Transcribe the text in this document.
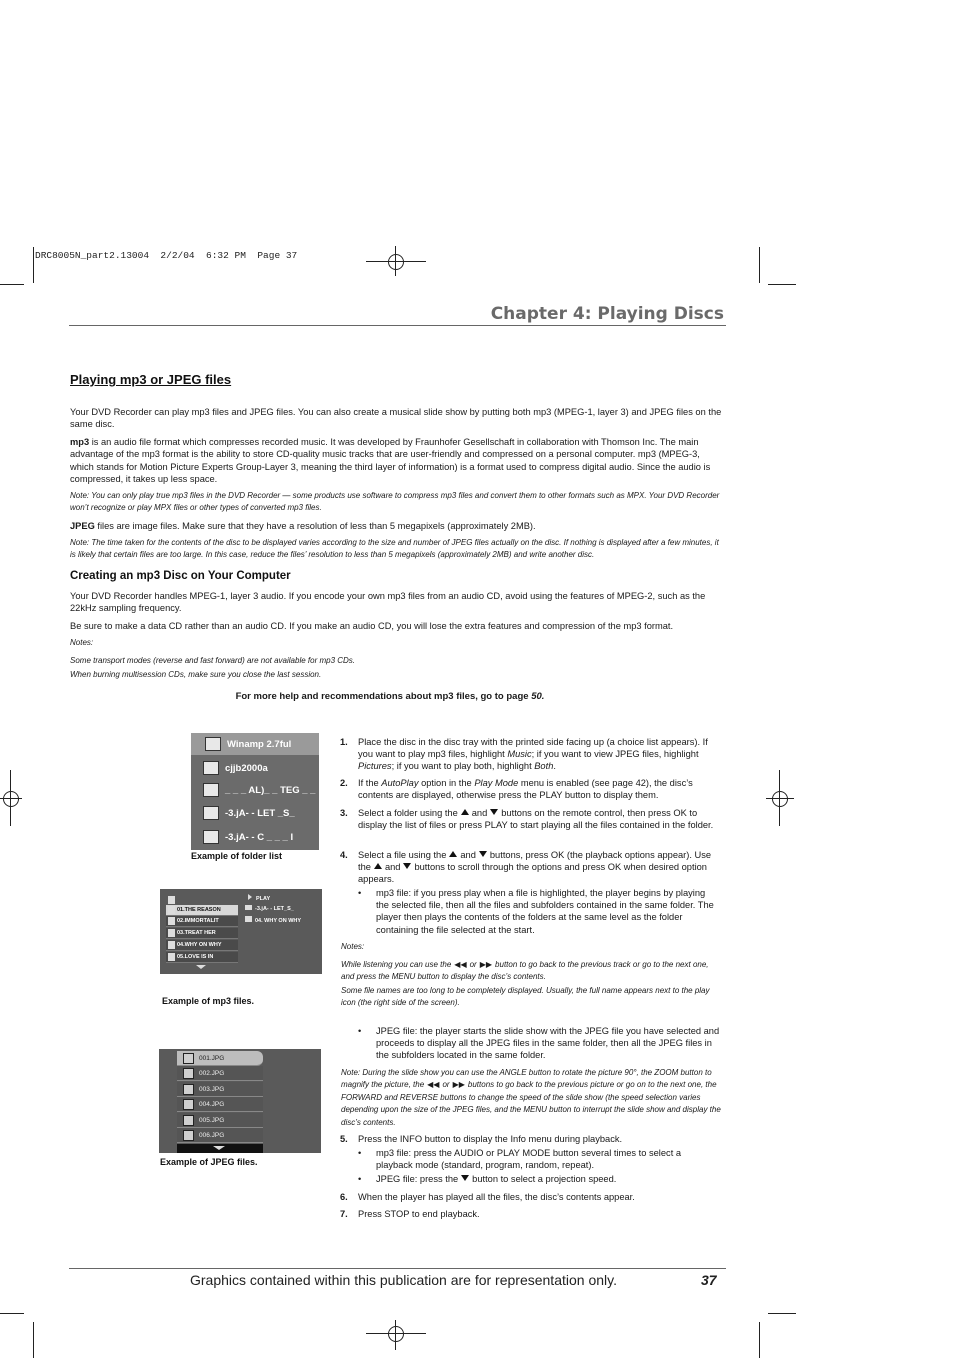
DRC8005N_part2.13004  2/2/04  6:32 PM  Page 37
Chapter 4: Playing Discs
Playing mp3 or JPEG files
Your DVD Recorder can play mp3 files and JPEG files. You can also create a musical slide show by putting both mp3 (MPEG-1, layer 3) and JPEG files on the same disc.
mp3 is an audio file format which compresses recorded music. It was developed by Fraunhofer Gesellschaft in collaboration with Thomson Inc. The main advantage of the mp3 format is the ability to store CD-quality music tracks that are user-friendly and compressed on a personal computer. mp3 (MPEG-3, which stands for Motion Picture Experts Group-Layer 3, meaning the third layer of information) is a format used to compress digital audio. Since the audio is compressed, it takes up less space.
Note: You can only play true mp3 files in the DVD Recorder — some products use software to compress mp3 files and convert them to other formats such as MPX. Your DVD Recorder won’t recognize or play MPX files or other types of converted mp3 files.
JPEG files are image files. Make sure that they have a resolution of less than 5 megapixels (approximately 2MB).
Note: The time taken for the contents of the disc to be displayed varies according to the size and number of JPEG files actually on the disc. If nothing is displayed after a few minutes, it is likely that certain files are too large. In this case, reduce the files’ resolution to less than 5 megapixels (approximately 2MB) and write another disc.
Creating an mp3 Disc on Your Computer
Your DVD Recorder handles MPEG-1, layer 3 audio. If you encode your own mp3 files from an audio CD, avoid using the features of MPEG-2, such as the 22kHz sampling frequency.
Be sure to make a data CD rather than an audio CD. If you make an audio CD, you will lose the extra features and compression of the mp3 format.
Notes:
Some transport modes (reverse and fast forward) are not available for mp3 CDs.
When burning multisession CDs, make sure you close the last session.
For more help and recommendations about mp3 files, go to page 50.
Winamp 2.7ful
cjjb2000a
_ _ _ AL)_ _ TEG _ _
-3.jA- - LET _S_
-3.jA- - C _ _ _ I
Example of folder list
01.THE REASON
02.IMMORTALIT
03.TREAT HER
04.WHY ON WHY
05.LOVE IS IN
PLAY
-3.jA- - LET_S_
04. WHY ON WHY
Example of mp3 files.
001.JPG
002.JPG
003.JPG
004.JPG
005.JPG
006.JPG
Example of JPEG files.
1. Place the disc in the disc tray with the printed side facing up (a choice list appears). If you want to play mp3 files, highlight Music; if you want to view JPEG files, highlight Pictures; if you want to play both, highlight Both.
2. If the AutoPlay option in the Play Mode menu is enabled (see page 42), the disc’s contents are displayed, otherwise press the PLAY button to display them.
3. Select a folder using the and buttons on the remote control, then press OK to display the list of files or press PLAY to start playing all the files contained in the folder.
4. Select a file using the and buttons, press OK (the playback options appear). Use the and buttons to scroll through the options and press OK when desired option appears.
• mp3 file: if you press play when a file is highlighted, the player begins by playing the selected file, then all the files and subfolders contained in the same folder. The player then plays the contents of the folders at the same level as the folder containing the file selected at the start.
Notes:
While listening you can use the ◀◀ or ▶▶ button to go back to the previous track or go to the next one, and press the MENU button to display the disc’s contents.
Some file names are too long to be completely displayed. Usually, the full name appears next to the play icon (the right side of the screen).
• JPEG file: the player starts the slide show with the JPEG file you have selected and proceeds to display all the JPEG files in the same folder, then all the JPEG files in the subfolders located in the same folder.
Note: During the slide show you can use the ANGLE button to rotate the picture 90°, the ZOOM button to magnify the picture, the ◀◀ or ▶▶ buttons to go back to the previous picture or go on to the next one, the FORWARD and REVERSE buttons to change the speed of the slide show (the speed selection varies depending upon the size of the JPEG files, and the MENU button to interrupt the slide show and display the disc’s contents.
5. Press the INFO button to display the Info menu during playback.
• mp3 file: press the AUDIO or PLAY MODE button several times to select a playback mode (standard, program, random, repeat).
• JPEG file: press the button to select a projection speed.
6. When the player has played all the files, the disc’s contents appear.
7. Press STOP to end playback.
Graphics contained within this publication are for representation only.	37
